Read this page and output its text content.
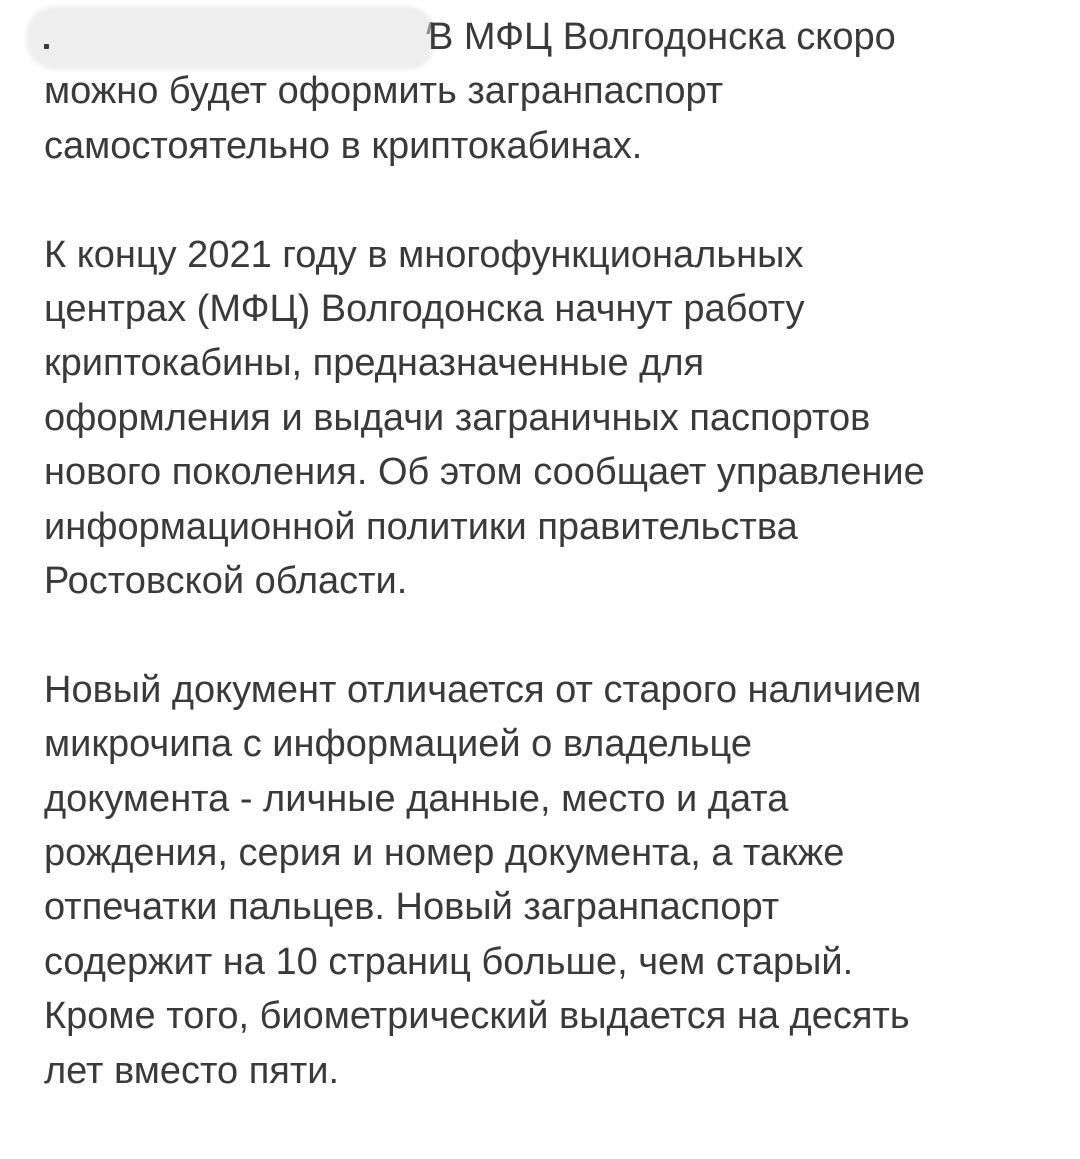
В МФЦ Волгодонска скоро
можно будет оформить загранпаспорт
самостоятельно в криптокабинах.
К концу 2021 году в многофункциональных
центрах (МФЦ) Волгодонска начнут работу
криптокабины, предназначенные для
оформления и выдачи заграничных паспортов
нового поколения. Об этом сообщает управление
информационной политики правительства
Ростовской области.
Новый документ отличается от старого наличием
микрочипа с информацией о владельце
документа - личные данные, место и дата
рождения, серия и номер документа, а также
отпечатки пальцев. Новый загранпаспорт
содержит на 10 страниц больше, чем старый.
Кроме того, биометрический выдается на десять
лет вместо пяти.
